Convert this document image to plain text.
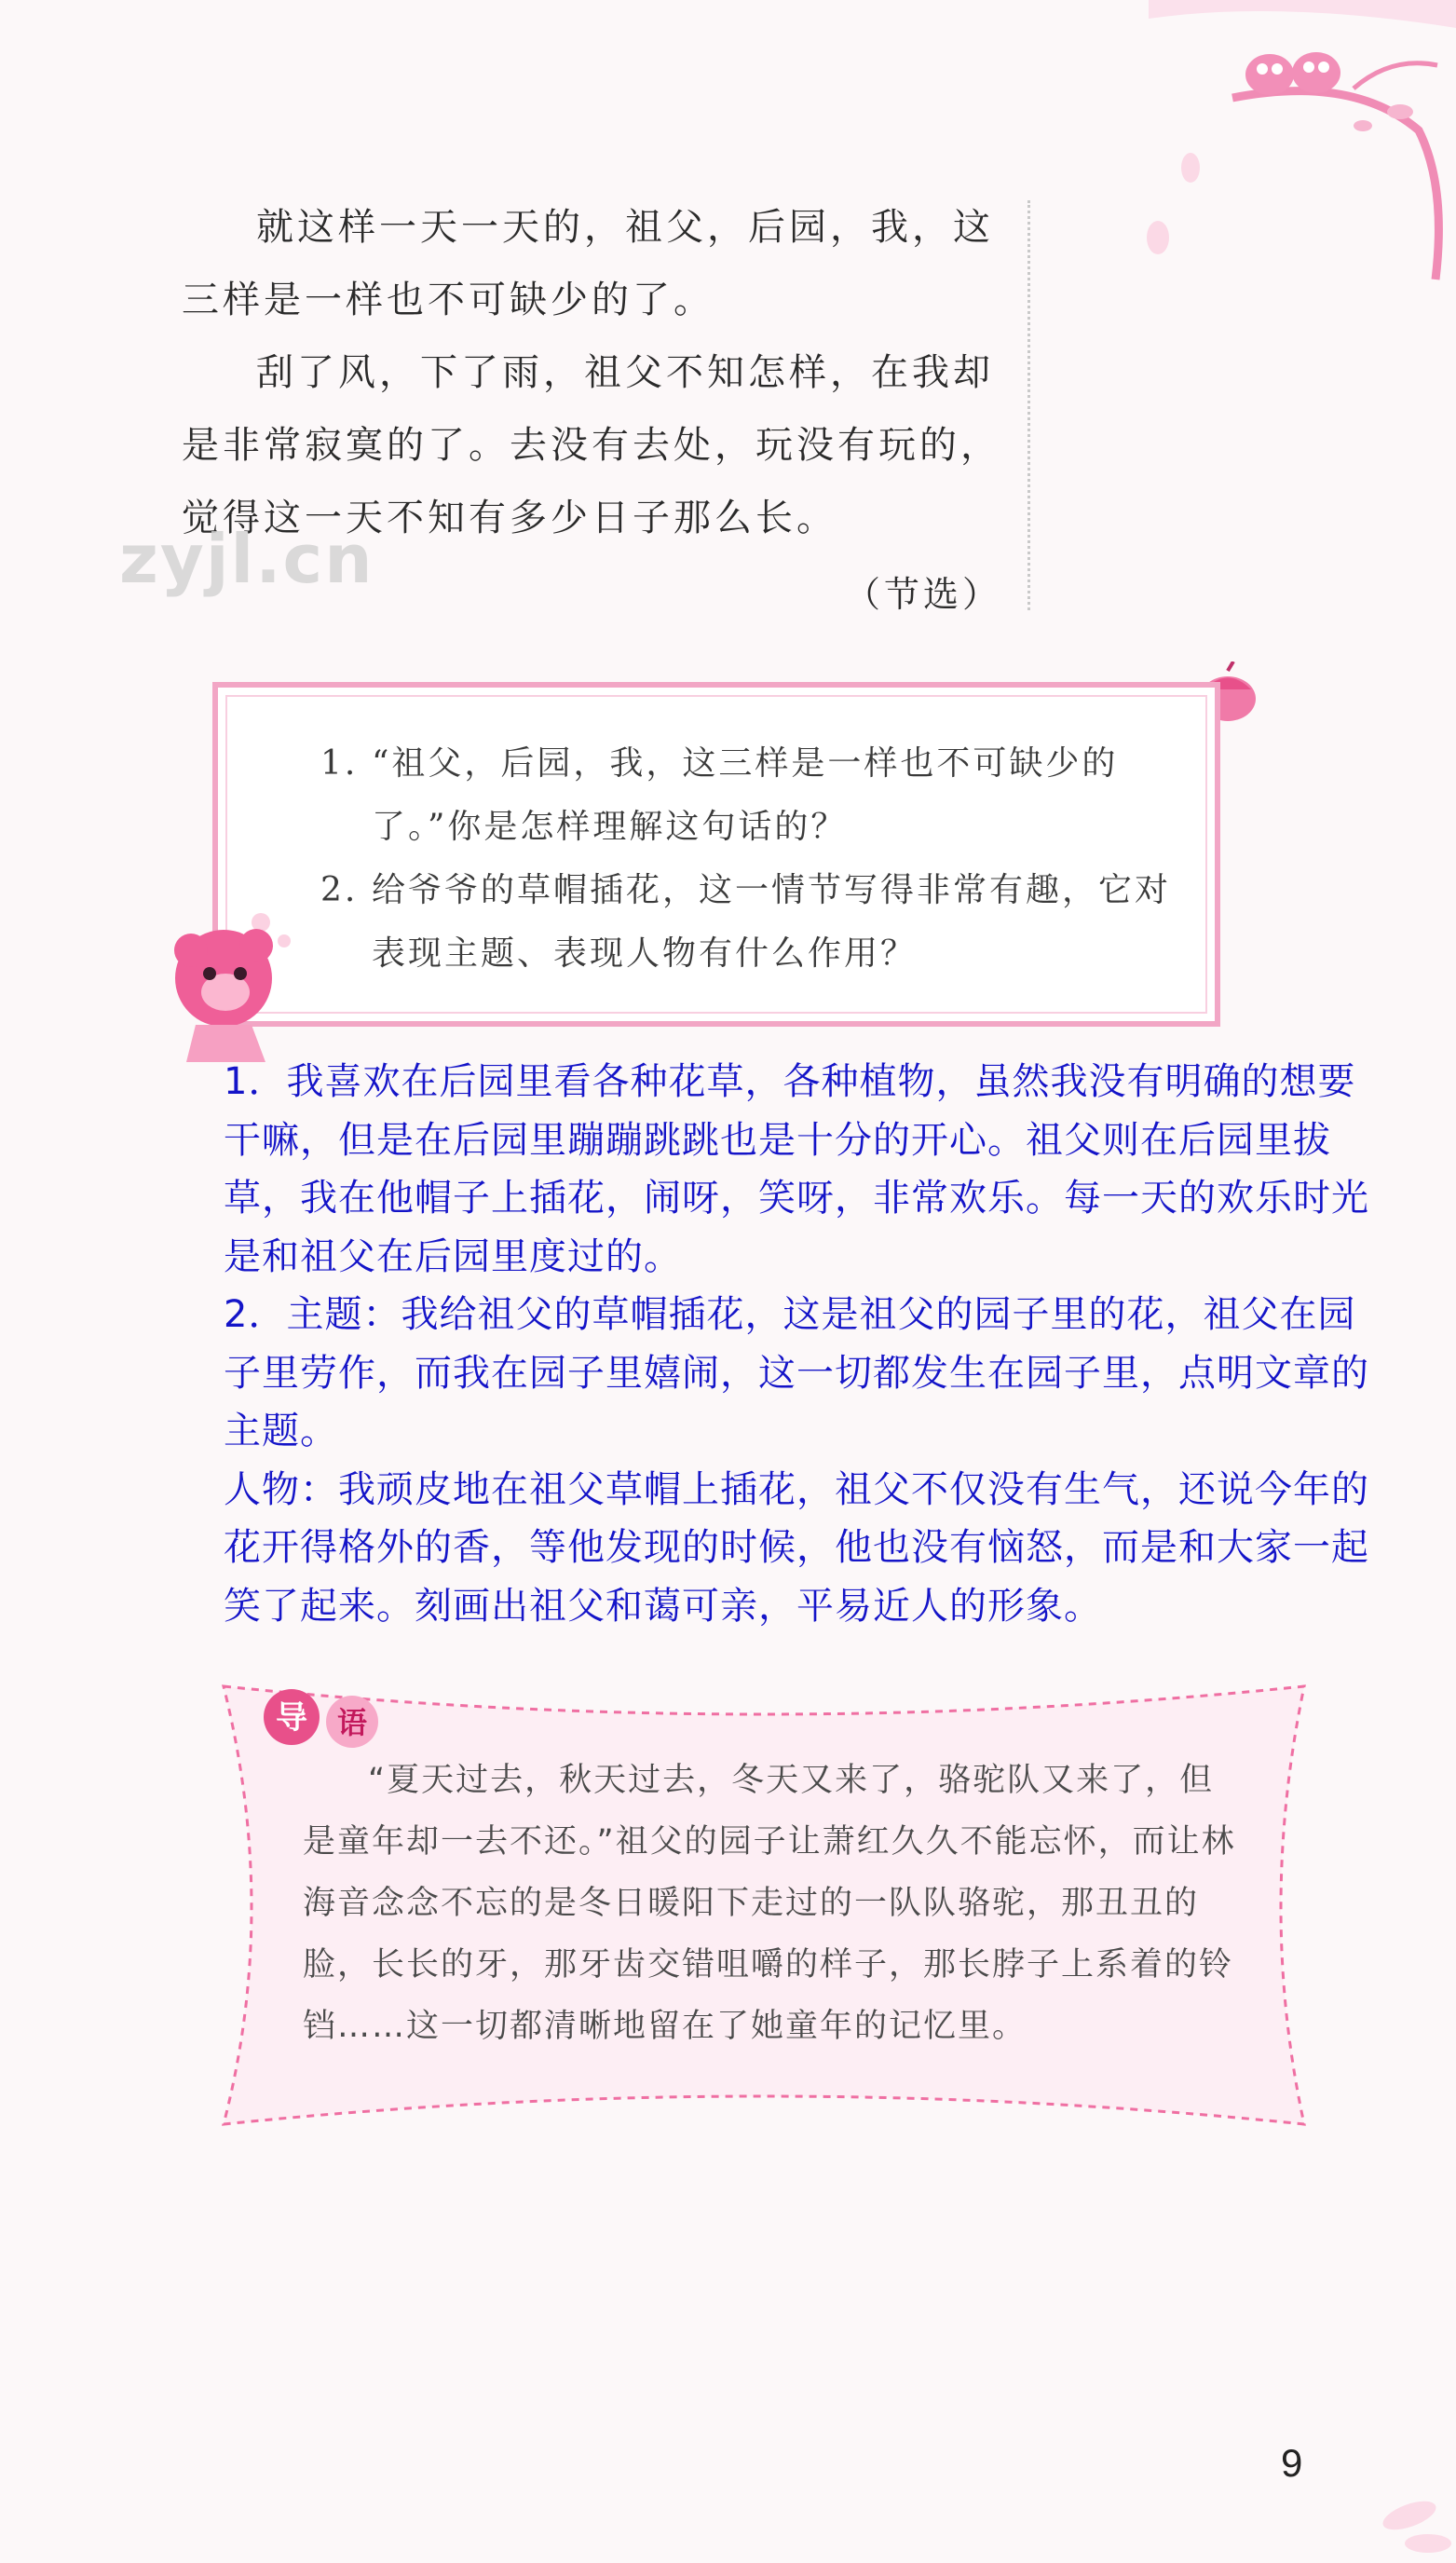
就这样一天一天的，祖父，后园，我，这三样是一样也不可缺少的了。

刮了风，下了雨，祖父不知怎样，在我却是非常寂寞的了。去没有去处，玩没有玩的，觉得这一天不知有多少日子那么长。

（节选）
zyjl.cn
1. “祖父，后园，我，这三样是一样也不可缺少的了。”你是怎样理解这句话的？
2. 给爷爷的草帽插花，这一情节写得非常有趣，它对表现主题、表现人物有什么作用？

1．我喜欢在后园里看各种花草，各种植物，虽然我没有明确的想要干嘛，但是在后园里蹦蹦跳跳也是十分的开心。祖父则在后园里拔草，我在他帽子上插花，闹呀，笑呀，非常欢乐。每一天的欢乐时光是和祖父在后园里度过的。

2．主题：我给祖父的草帽插花，这是祖父的园子里的花，祖父在园子里劳作，而我在园子里嬉闹，这一切都发生在园子里，点明文章的主题。

人物：我顽皮地在祖父草帽上插花，祖父不仅没有生气，还说今年的花开得格外的香，等他发现的时候，他也没有恼怒，而是和大家一起笑了起来。刻画出祖父和蔼可亲，平易近人的形象。

导 语
“夏天过去，秋天过去，冬天又来了，骆驼队又来了，但是童年却一去不还。”祖父的园子让萧红久久不能忘怀，而让林海音念念不忘的是冬日暖阳下走过的一队队骆驼，那丑丑的脸，长长的牙，那牙齿交错咀嚼的样子，那长脖子上系着的铃铛……这一切都清晰地留在了她童年的记忆里。
9
